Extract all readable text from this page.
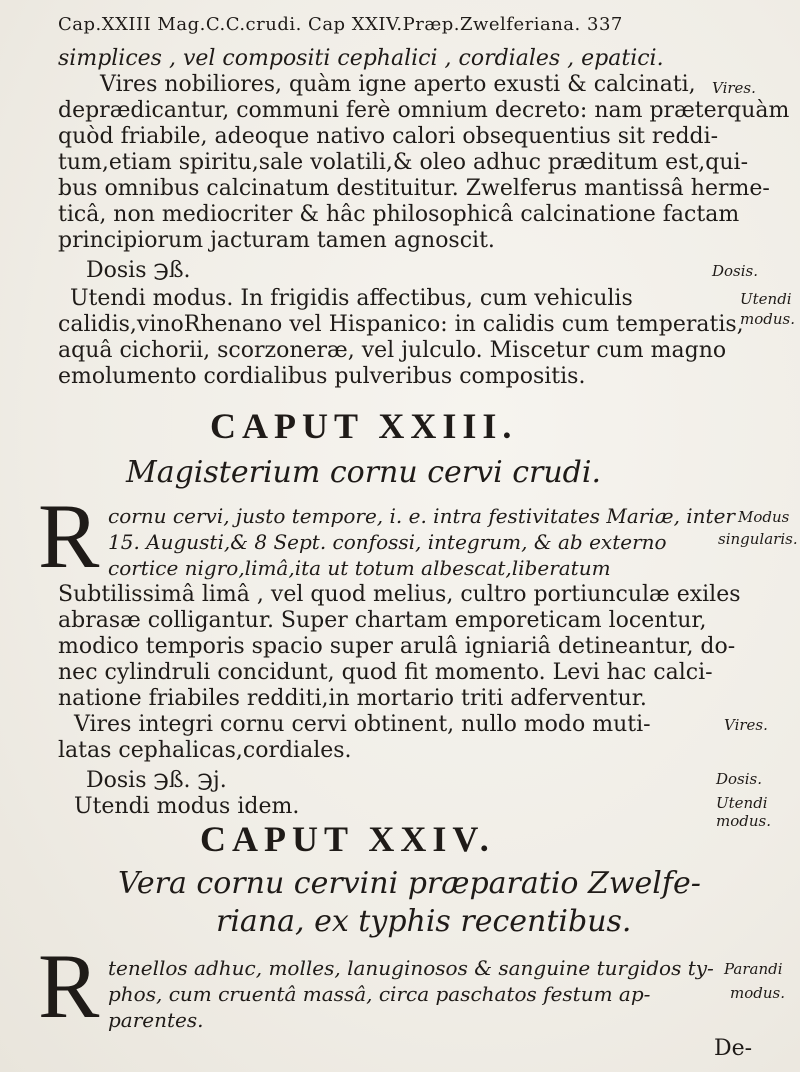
Cap.XXIII Mag.C.C.crudi. Cap XXIV.Præp.Zwelferiana. 337
simplices , vel compositi cephalici , cordiales , epatici.
Vires nobiliores, quàm igne aperto exusti & calcinati,
deprædicantur, communi ferè omnium decreto: nam præterquàm
quòd friabile, adeoque nativo calori obsequentius sit reddi-
tum,etiam spiritu,sale volatili,& oleo adhuc præditum est,qui-
bus omnibus calcinatum destituitur. Zwelferus mantissâ herme-
ticâ, non mediocriter & hâc philosophicâ calcinatione factam
principiorum jacturam tamen agnoscit.
Dosis ℈ß.
Utendi modus. In frigidis affectibus, cum vehiculis
calidis,vinoRhenano vel Hispanico: in calidis cum temperatis,
aquâ cichorii, scorzoneræ, vel julculo. Miscetur cum magno
emolumento cordialibus pulveribus compositis.
CAPUT XXIII.
Magisterium cornu cervi crudi.
R cornu cervi, justo tempore, i. e. intra festivitates Mariæ, inter
15. Augusti,& 8 Sept. confossi, integrum, & ab externo
cortice nigro,limâ,ita ut totum albescat,liberatum
Subtilissimâ limâ , vel quod melius, cultro portiunculæ exiles
abrasæ colligantur. Super chartam emporeticam locentur,
modico temporis spacio super arulâ igniariâ detineantur, do-
nec cylindruli concidunt, quod fit momento. Levi hac calci-
natione friabiles redditi,in mortario triti adferventur.
Vires integri cornu cervi obtinent, nullo modo muti-
latas cephalicas,cordiales.
Dosis ℈ß. ℈j.
Utendi modus idem.
CAPUT XXIV.
Vera cornu cervini præparatio Zwelfe-
riana, ex typhis recentibus.
R tenellos adhuc, molles, lanuginosos & sanguine turgidos ty-
phos, cum cruentâ massâ, circa paschatos festum ap-
parentes.
De-
Vires.
Dosis.
Utendi
modus.
Modus
singularis.
Vires.
Dosis.
Utendi
modus.
Parandi
modus.
